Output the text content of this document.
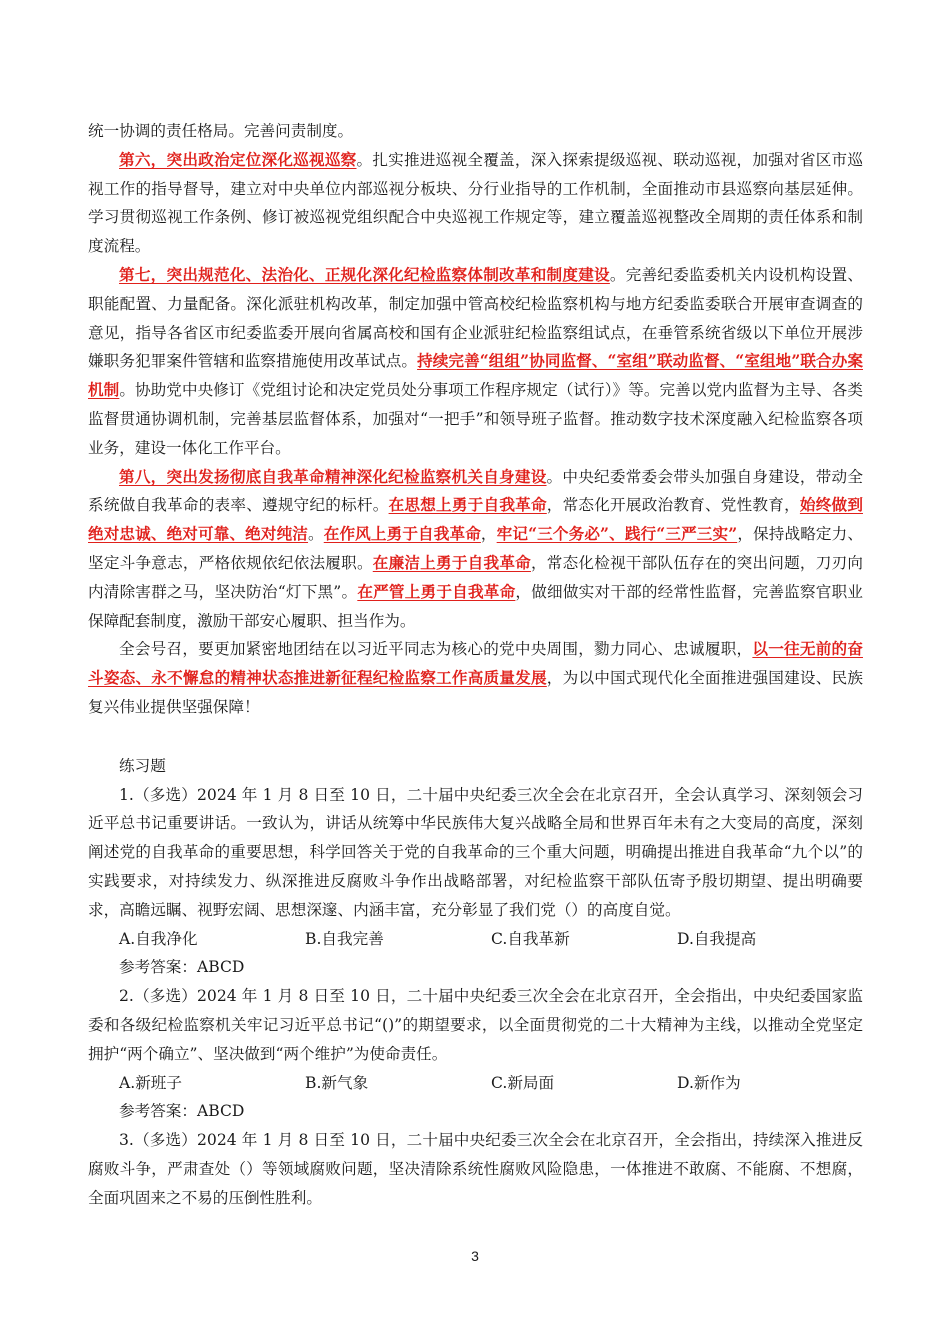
统一协调的责任格局。完善问责制度。

第六，突出政治定位深化巡视巡察。扎实推进巡视全覆盖，深入探索提级巡视、联动巡视，加强对省区市巡视工作的指导督导，建立对中央单位内部巡视分板块、分行业指导的工作机制，全面推动市县巡察向基层延伸。学习贯彻巡视工作条例、修订被巡视党组织配合中央巡视工作规定等，建立覆盖巡视整改全周期的责任体系和制度流程。

第七，突出规范化、法治化、正规化深化纪检监察体制改革和制度建设。完善纪委监委机关内设机构设置、职能配置、力量配备。深化派驻机构改革，制定加强中管高校纪检监察机构与地方纪委监委联合开展审查调查的意见，指导各省区市纪委监委开展向省属高校和国有企业派驻纪检监察组试点，在垂管系统省级以下单位开展涉嫌职务犯罪案件管辖和监察措施使用改革试点。持续完善“组组”协同监督、“室组”联动监督、“室组地”联合办案机制。协助党中央修订《党组讨论和决定党员处分事项工作程序规定（试行）》等。完善以党内监督为主导、各类监督贯通协调机制，完善基层监督体系，加强对“一把手”和领导班子监督。推动数字技术深度融入纪检监察各项业务，建设一体化工作平台。

第八，突出发扬彻底自我革命精神深化纪检监察机关自身建设。中央纪委常委会带头加强自身建设，带动全系统做自我革命的表率、遵规守纪的标杆。在思想上勇于自我革命，常态化开展政治教育、党性教育，始终做到绝对忠诚、绝对可靠、绝对纯洁。在作风上勇于自我革命，牢记“三个务必”、践行“三严三实”，保持战略定力、坚定斗争意志，严格依规依纪依法履职。在廉洁上勇于自我革命，常态化检视干部队伍存在的突出问题，刀刃向内清除害群之马，坚决防治“灯下黑”。在严管上勇于自我革命，做细做实对干部的经常性监督，完善监察官职业保障配套制度，激励干部安心履职、担当作为。

全会号召，要更加紧密地团结在以习近平同志为核心的党中央周围，勠力同心、忠诚履职，以一往无前的奋斗姿态、永不懈怠的精神状态推进新征程纪检监察工作高质量发展，为以中国式现代化全面推进强国建设、民族复兴伟业提供坚强保障！

练习题

1.（多选）2024 年 1 月 8 日至 10 日，二十届中央纪委三次全会在北京召开，全会认真学习、深刻领会习近平总书记重要讲话。一致认为，讲话从统筹中华民族伟大复兴战略全局和世界百年未有之大变局的高度，深刻阐述党的自我革命的重要思想，科学回答关于党的自我革命的三个重大问题，明确提出推进自我革命“九个以”的实践要求，对持续发力、纵深推进反腐败斗争作出战略部署，对纪检监察干部队伍寄予殷切期望、提出明确要求，高瞻远瞩、视野宏阔、思想深邃、内涵丰富，充分彰显了我们党（）的高度自觉。

A.自我净化	B.自我完善	C.自我革新	D.自我提高

参考答案：ABCD

2.（多选）2024 年 1 月 8 日至 10 日，二十届中央纪委三次全会在北京召开，全会指出，中央纪委国家监委和各级纪检监察机关牢记习近平总书记“()”的期望要求，以全面贯彻党的二十大精神为主线，以推动全党坚定拥护“两个确立”、坚决做到“两个维护”为使命责任。

A.新班子	B.新气象	C.新局面	D.新作为

参考答案：ABCD

3.（多选）2024 年 1 月 8 日至 10 日，二十届中央纪委三次全会在北京召开，全会指出，持续深入推进反腐败斗争，严肃查处（）等领域腐败问题，坚决清除系统性腐败风险隐患，一体推进不敢腐、不能腐、不想腐，全面巩固来之不易的压倒性胜利。

3
